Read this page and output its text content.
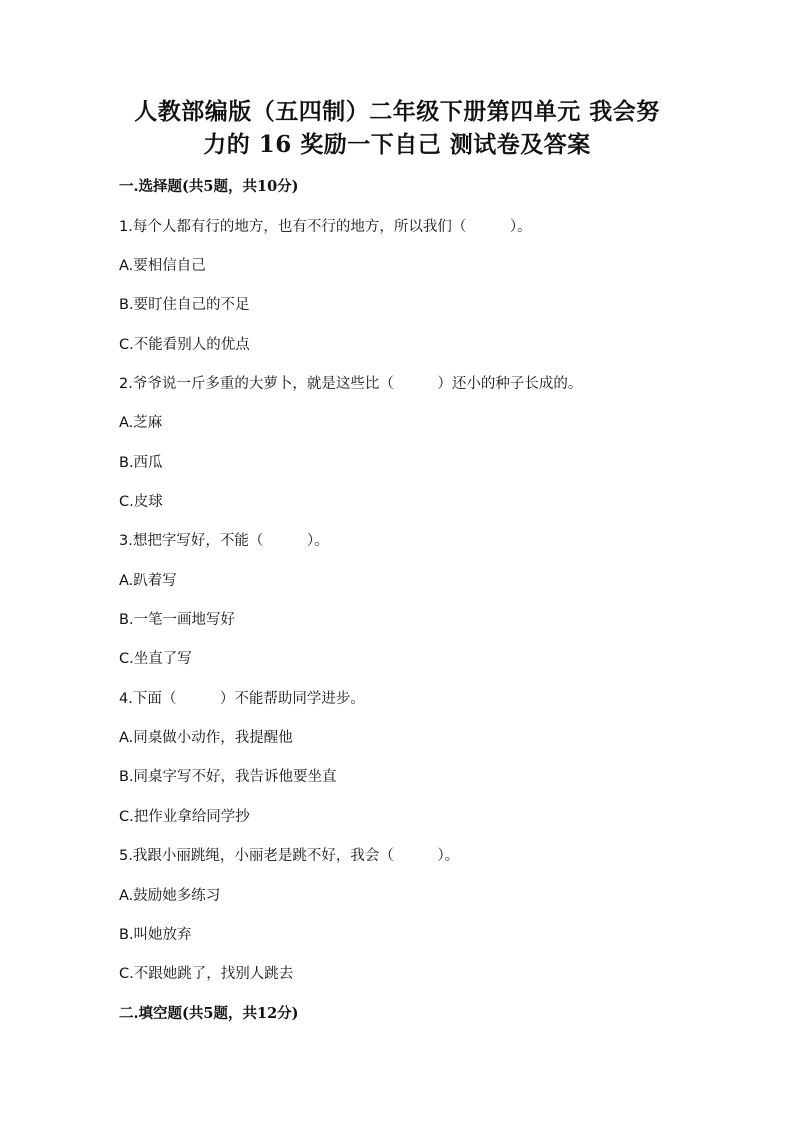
人教部编版（五四制）二年级下册第四单元 我会努
力的 16 奖励一下自己 测试卷及答案
一.选择题(共5题，共10分)
1.每个人都有行的地方，也有不行的地方，所以我们（　　　）。
A.要相信自己
B.要盯住自己的不足
C.不能看别人的优点
2.爷爷说一斤多重的大萝卜，就是这些比（　　　）还小的种子长成的。
A.芝麻
B.西瓜
C.皮球
3.想把字写好，不能（　　　）。
A.趴着写
B.一笔一画地写好
C.坐直了写
4.下面（　　　）不能帮助同学进步。
A.同桌做小动作，我提醒他
B.同桌字写不好，我告诉他要坐直
C.把作业拿给同学抄
5.我跟小丽跳绳，小丽老是跳不好，我会（　　　）。
A.鼓励她多练习
B.叫她放弃
C.不跟她跳了，找别人跳去
二.填空题(共5题，共12分)
